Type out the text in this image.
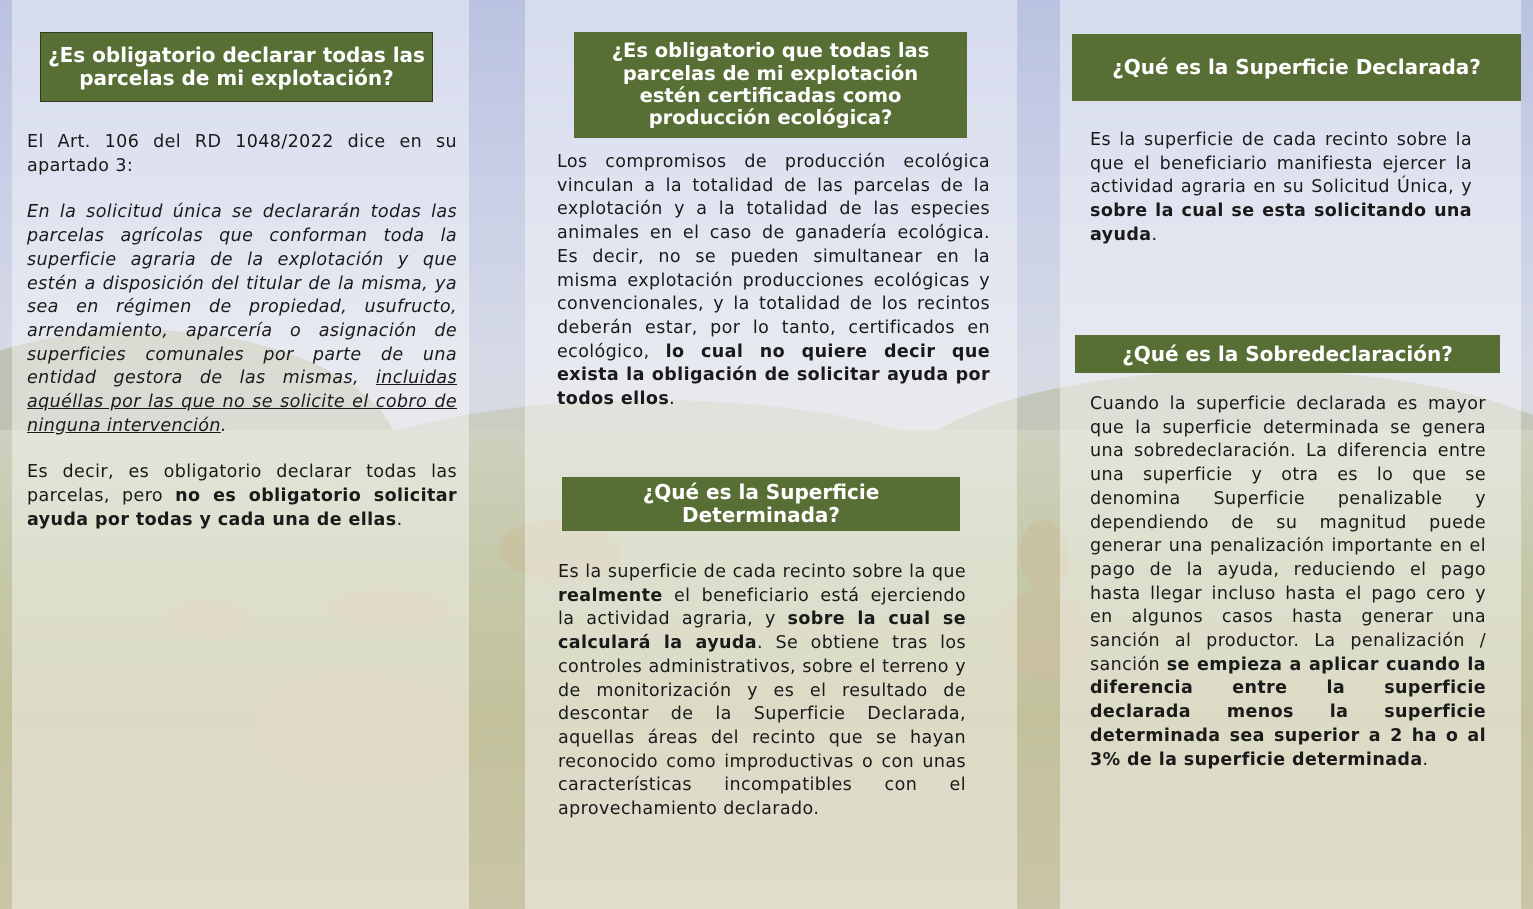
¿Es obligatorio declarar todas las parcelas de mi explotación?

El Art. 106 del RD 1048/2022 dice en su apartado 3:

En la solicitud única se declararán todas las parcelas agrícolas que conforman toda la superficie agraria de la explotación y que estén a disposición del titular de la misma, ya sea en régimen de propiedad, usufructo, arrendamiento, aparcería o asignación de superficies comunales por parte de una entidad gestora de las mismas, incluidas aquéllas por las que no se solicite el cobro de ninguna intervención.

Es decir, es obligatorio declarar todas las parcelas, pero no es obligatorio solicitar ayuda por todas y cada una de ellas.

¿Es obligatorio que todas las parcelas de mi explotación estén certificadas como producción ecológica?

Los compromisos de producción ecológica vinculan a la totalidad de las parcelas de la explotación y a la totalidad de las especies animales en el caso de ganadería ecológica. Es decir, no se pueden simultanear en la misma explotación producciones ecológicas y convencionales, y la totalidad de los recintos deberán estar, por lo tanto, certificados en ecológico, lo cual no quiere decir que exista la obligación de solicitar ayuda por todos ellos.

¿Qué es la Superficie Determinada?

Es la superficie de cada recinto sobre la que realmente el beneficiario está ejerciendo la actividad agraria, y sobre la cual se calculará la ayuda. Se obtiene tras los controles administrativos, sobre el terreno y de monitorización y es el resultado de descontar de la Superficie Declarada, aquellas áreas del recinto que se hayan reconocido como improductivas o con unas características incompatibles con el aprovechamiento declarado.

¿Qué es la Superficie Declarada?

Es la superficie de cada recinto sobre la que el beneficiario manifiesta ejercer la actividad agraria en su Solicitud Única, y sobre la cual se esta solicitando una ayuda.

¿Qué es la Sobredeclaración?

Cuando la superficie declarada es mayor que la superficie determinada se genera una sobredeclaración. La diferencia entre una superficie y otra es lo que se denomina Superficie penalizable y dependiendo de su magnitud puede generar una penalización importante en el pago de la ayuda, reduciendo el pago hasta llegar incluso hasta el pago cero y en algunos casos hasta generar una sanción al productor. La penalización / sanción se empieza a aplicar cuando la diferencia entre la superficie declarada menos la superficie determinada sea superior a 2 ha o al 3% de la superficie determinada.
